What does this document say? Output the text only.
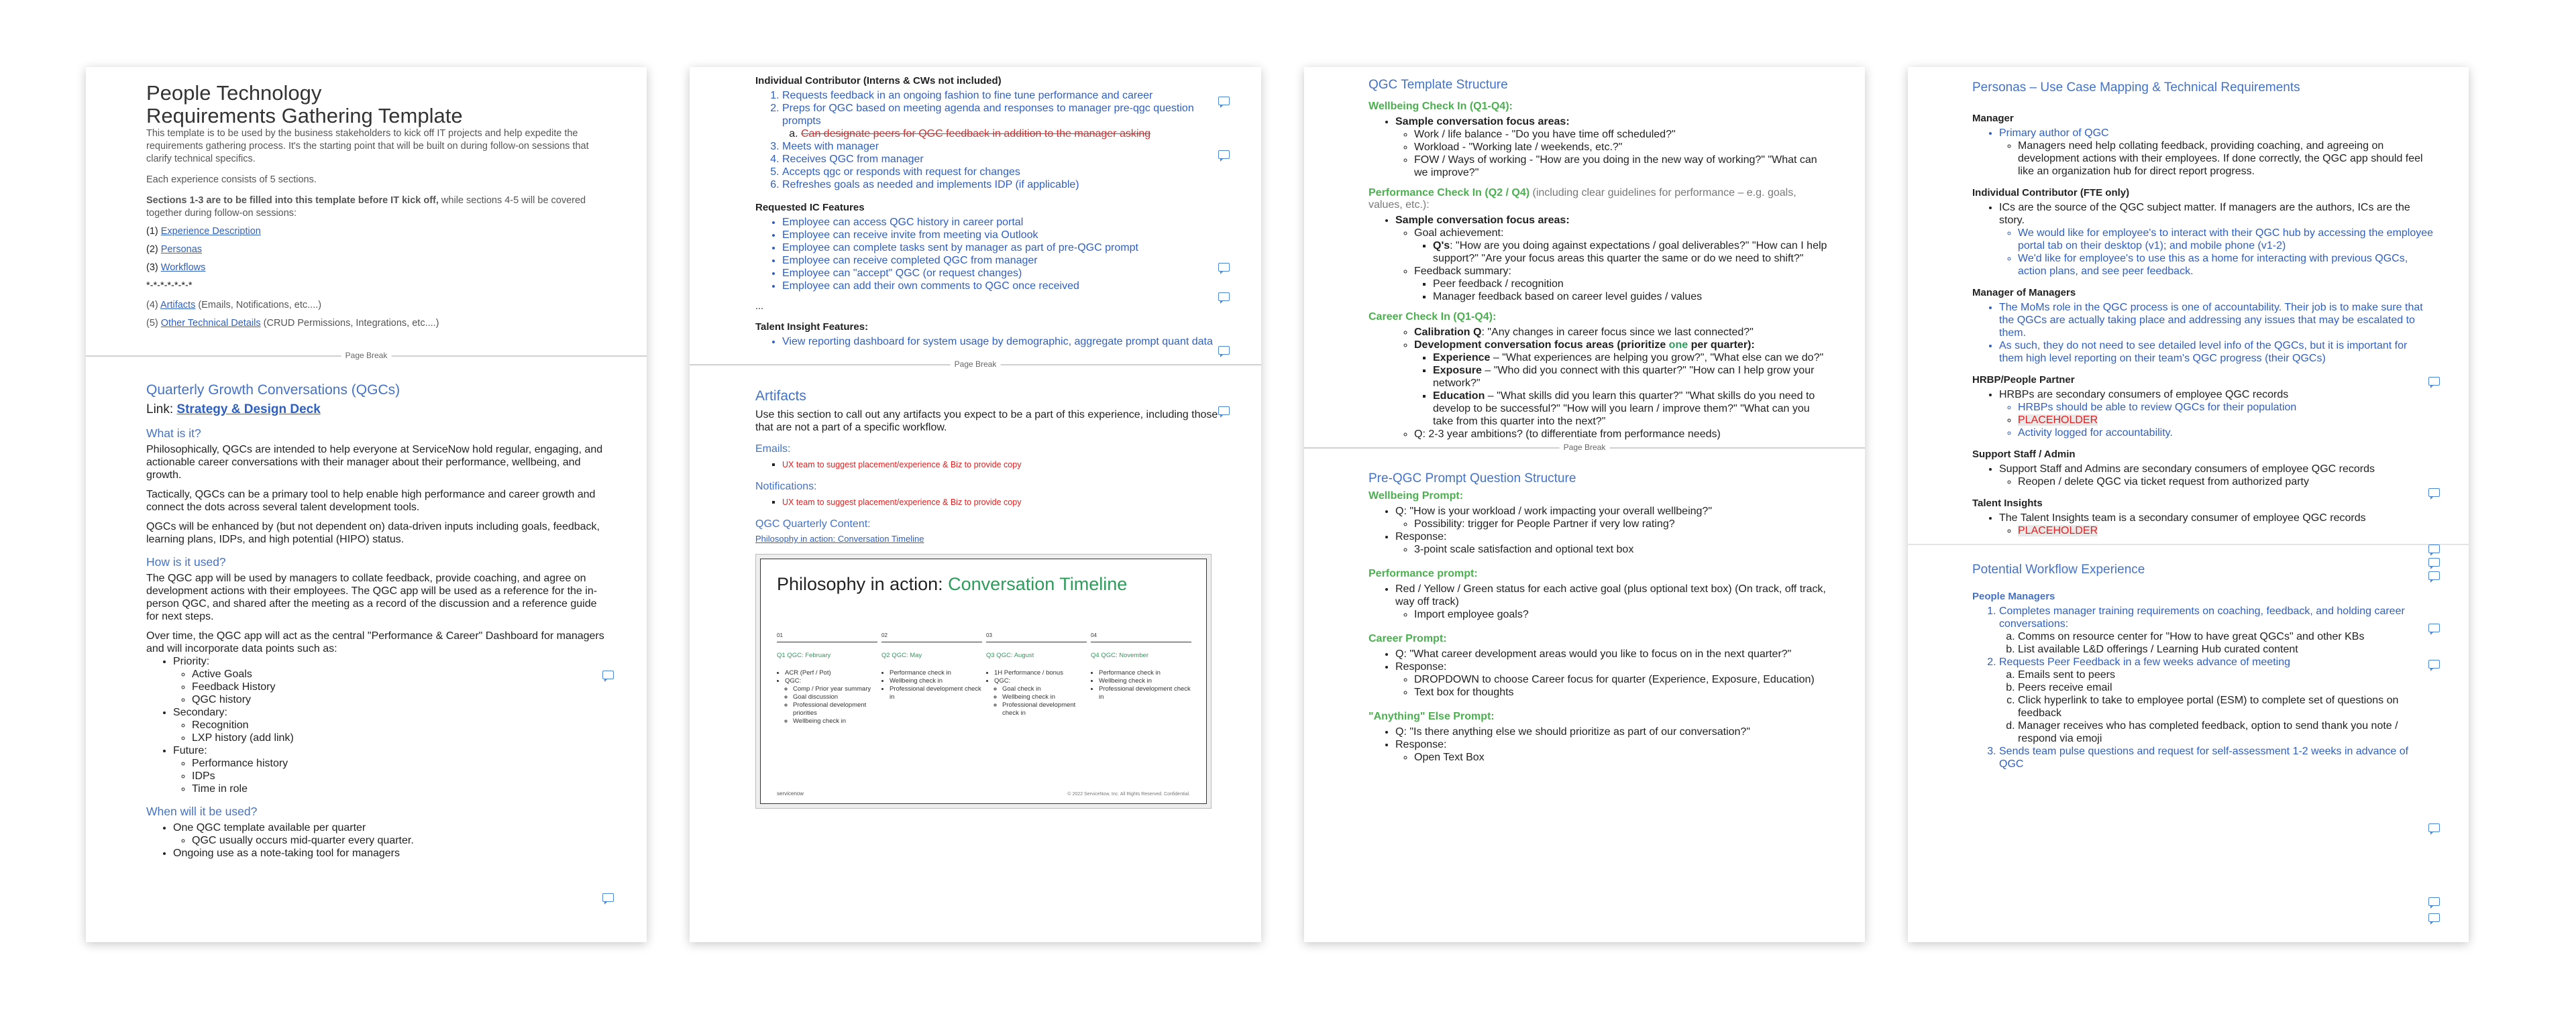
People Technology

Requirements Gathering Template

This template is to be used by the business stakeholders to kick off IT projects and help expedite the requirements gathering process. It's the starting point that will be built on during follow-on sessions that clarify technical specifics.

Each experience consists of 5 sections.

Sections 1-3 are to be filled into this template before IT kick off, while sections 4-5 will be covered together during follow-on sessions:

(1) Experience Description

(2) Personas

(3) Workflows

*-*-*-*-*-*-*

(4) Artifacts (Emails, Notifications, etc....)

(5) Other Technical Details (CRUD Permissions, Integrations, etc....)

Page Break

Quarterly Growth Conversations (QGCs)

Link: Strategy & Design Deck

What is it?

Philosophically, QGCs are intended to help everyone at ServiceNow hold regular, engaging, and actionable career conversations with their manager about their performance, wellbeing, and growth.

Tactically, QGCs can be a primary tool to help enable high performance and career growth and connect the dots across several talent development tools.

QGCs will be enhanced by (but not dependent on) data-driven inputs including goals, feedback, learning plans, IDPs, and high potential (HIPO) status.

How is it used?

The QGC app will be used by managers to collate feedback, provide coaching, and agree on development actions with their employees. The QGC app will be used as a reference for the in-person QGC, and shared after the meeting as a record of the discussion and a reference guide for next steps.

Over time, the QGC app will act as the central "Performance & Career" Dashboard for managers and will incorporate data points such as:

• Priority:
◦ Active Goals
◦ Feedback History
◦ QGC history
• Secondary:
◦ Recognition
◦ LXP history (add link)
• Future:
◦ Performance history
◦ IDPs
◦ Time in role

When will it be used?

• One QGC template available per quarter
◦ QGC usually occurs mid-quarter every quarter.
• Ongoing use as a note-taking tool for managers

Individual Contributor (Interns & CWs not included)

1. Requests feedback in an ongoing fashion to fine tune performance and career
2. Preps for QGC based on meeting agenda and responses to manager pre-qgc question prompts
a. Can designate peers for QGC feedback in addition to the manager asking
3. Meets with manager
4. Receives QGC from manager
5. Accepts qgc or responds with request for changes
6. Refreshes goals as needed and implements IDP (if applicable)

Requested IC Features

• Employee can access QGC history in career portal
• Employee can receive invite from meeting via Outlook
• Employee can complete tasks sent by manager as part of pre-QGC prompt
• Employee can receive completed QGC from manager
• Employee can "accept" QGC (or request changes)
• Employee can add their own comments to QGC once received

...

Talent Insight Features:

• View reporting dashboard for system usage by demographic, aggregate prompt quant data
Page Break

Artifacts

Use this section to call out any artifacts you expect to be a part of this experience, including those that are not a part of a specific workflow.

Emails:

▪ UX team to suggest placement/experience & Biz to provide copy

Notifications:

▪ UX team to suggest placement/experience & Biz to provide copy

QGC Quarterly Content:

Philosophy in action: Conversation Timeline

Philosophy in action: Conversation Timeline
01
Q1 QGC: February
• ACR (Perf / Pot)
• QGC:
◦ Comp / Prior year summary
◦ Goal discussion
◦ Professional development priorities
◦ Wellbeing check in
02
Q2 QGC: May
• Performance check in
• Wellbeing check in
• Professional development check in
03
Q3 QGC: August
• 1H Performance / bonus
• QGC:
◦ Goal check in
◦ Wellbeing check in
◦ Professional development check in
04
Q4 QGC: November
• Performance check in
• Wellbeing check in
• Professional development check in
servicenow	© 2022 ServiceNow, Inc. All Rights Reserved. Confidential.

QGC Template Structure

Wellbeing Check In (Q1-Q4):

• Sample conversation focus areas:
◦ Work / life balance - "Do you have time off scheduled?"
◦ Workload - "Working late / weekends, etc.?"
◦ FOW / Ways of working - "How are you doing in the new way of working?" "What can we improve?"

Performance Check In (Q2 / Q4) (including clear guidelines for performance – e.g. goals, values, etc.):

• Sample conversation focus areas:
◦ Goal achievement:
▪ Q's: "How are you doing against expectations / goal deliverables?" "How can I help support?" "Are your focus areas this quarter the same or do we need to shift?"
◦ Feedback summary:
▪ Peer feedback / recognition
▪ Manager feedback based on career level guides / values

Career Check In (Q1-Q4):

◦ Calibration Q: "Any changes in career focus since we last connected?"
◦ Development conversation focus areas (prioritize one per quarter):
▪ Experience – "What experiences are helping you grow?", "What else can we do?"
▪ Exposure – "Who did you connect with this quarter?" "How can I help grow your network?"
▪ Education – "What skills did you learn this quarter?" "What skills do you need to develop to be successful?" "How will you learn / improve them?" "What can you take from this quarter into the next?"
◦ Q: 2-3 year ambitions? (to differentiate from performance needs)
Page Break

Pre-QGC Prompt Question Structure

Wellbeing Prompt:

• Q: "How is your workload / work impacting your overall wellbeing?"
◦ Possibility: trigger for People Partner if very low rating?
• Response:
◦ 3-point scale satisfaction and optional text box

Performance prompt:

• Red / Yellow / Green status for each active goal (plus optional text box) (On track, off track, way off track)
◦ Import employee goals?

Career Prompt:

• Q: "What career development areas would you like to focus on in the next quarter?"
• Response:
◦ DROPDOWN to choose Career focus for quarter (Experience, Exposure, Education)
◦ Text box for thoughts

"Anything" Else Prompt:

• Q: "Is there anything else we should prioritize as part of our conversation?"
• Response:
◦ Open Text Box

Personas – Use Case Mapping & Technical Requirements

Manager

• Primary author of QGC
◦ Managers need help collating feedback, providing coaching, and agreeing on development actions with their employees. If done correctly, the QGC app should feel like an organization hub for direct report progress.

Individual Contributor (FTE only)

• ICs are the source of the QGC subject matter. If managers are the authors, ICs are the story.
◦ We would like for employee's to interact with their QGC hub by accessing the employee portal tab on their desktop (v1); and mobile phone (v1-2)
◦ We'd like for employee's to use this as a home for interacting with previous QGCs, action plans, and see peer feedback.

Manager of Managers

• The MoMs role in the QGC process is one of accountability. Their job is to make sure that the QGCs are actually taking place and addressing any issues that may be escalated to them.
• As such, they do not need to see detailed level info of the QGCs, but it is important for them high level reporting on their team's QGC progress (their QGCs)

HRBP/People Partner

• HRBPs are secondary consumers of employee QGC records
◦ HRBPs should be able to review QGCs for their population
◦ PLACEHOLDER
◦ Activity logged for accountability.

Support Staff / Admin

• Support Staff and Admins are secondary consumers of employee QGC records
◦ Reopen / delete QGC via ticket request from authorized party

Talent Insights

• The Talent Insights team is a secondary consumer of employee QGC records
◦ PLACEHOLDER

Potential Workflow Experience

People Managers

1. Completes manager training requirements on coaching, feedback, and holding career conversations:
a. Comms on resource center for "How to have great QGCs" and other KBs
b. List available L&D offerings / Learning Hub curated content
2. Requests Peer Feedback in a few weeks advance of meeting
a. Emails sent to peers
b. Peers receive email
c. Click hyperlink to take to employee portal (ESM) to complete set of questions on feedback
d. Manager receives who has completed feedback, option to send thank you note / respond via emoji
3. Sends team pulse questions and request for self-assessment 1-2 weeks in advance of QGC
